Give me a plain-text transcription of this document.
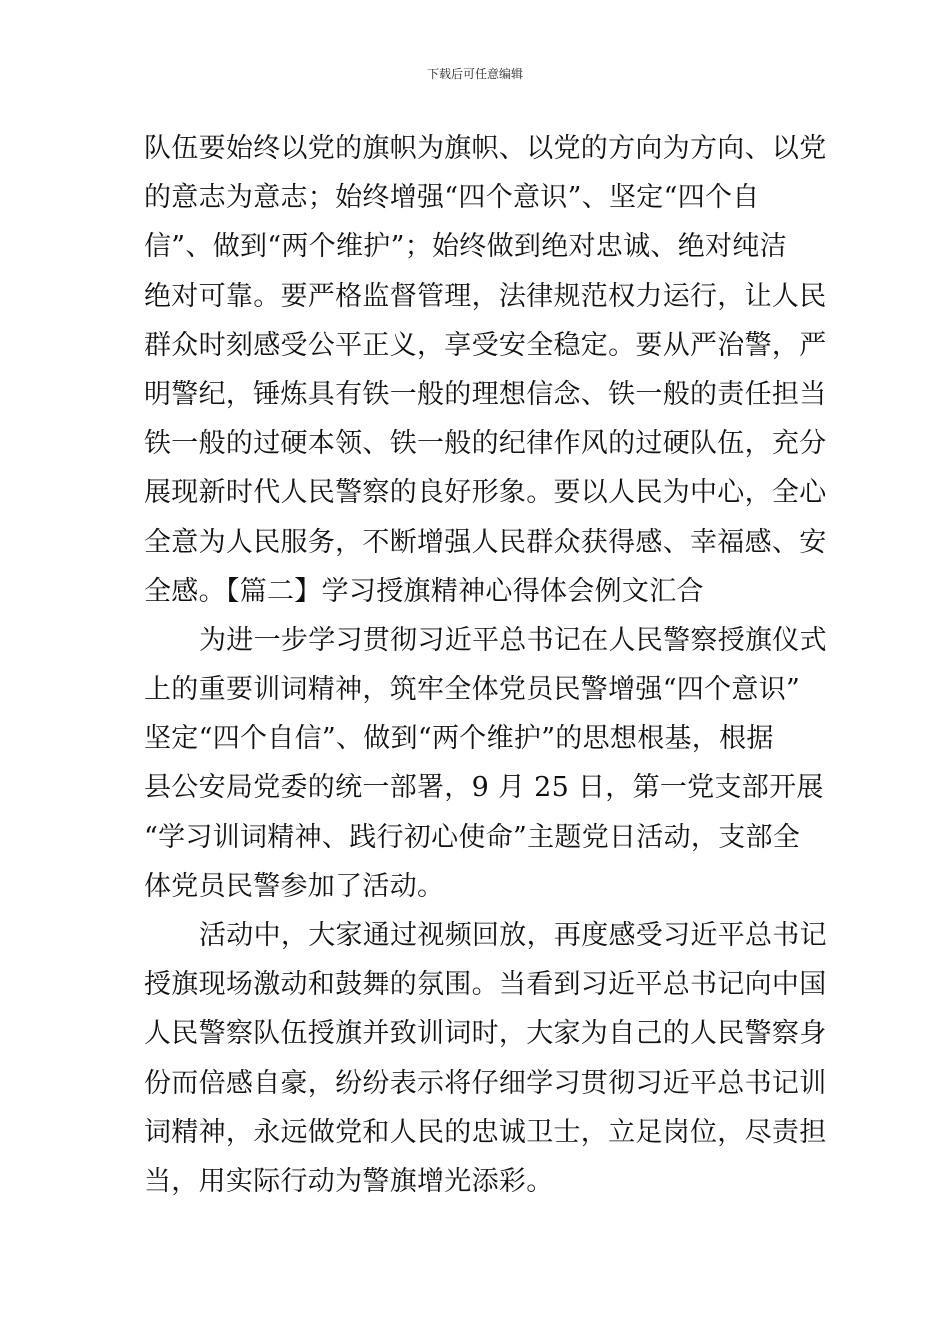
下载后可任意编辑
队伍要始终以党的旗帜为旗帜、以党的方向为方向、以党
的意志为意志；始终增强“四个意识”、坚定“四个自
信”、做到“两个维护”；始终做到绝对忠诚、绝对纯洁
绝对可靠。要严格监督管理，法律规范权力运行，让人民
群众时刻感受公平正义，享受安全稳定。要从严治警，严
明警纪，锤炼具有铁一般的理想信念、铁一般的责任担当
铁一般的过硬本领、铁一般的纪律作风的过硬队伍，充分
展现新时代人民警察的良好形象。要以人民为中心，全心
全意为人民服务，不断增强人民群众获得感、幸福感、安
全感。【篇二】学习授旗精神心得体会例文汇合
为进一步学习贯彻习近平总书记在人民警察授旗仪式
上的重要训词精神，筑牢全体党员民警增强“四个意识”
坚定“四个自信”、做到“两个维护”的思想根基，根据
县公安局党委的统一部署，9 月 25 日，第一党支部开展
“学习训词精神、践行初心使命”主题党日活动，支部全
体党员民警参加了活动。
活动中，大家通过视频回放，再度感受习近平总书记
授旗现场激动和鼓舞的氛围。当看到习近平总书记向中国
人民警察队伍授旗并致训词时，大家为自己的人民警察身
份而倍感自豪，纷纷表示将仔细学习贯彻习近平总书记训
词精神，永远做党和人民的忠诚卫士，立足岗位，尽责担
当，用实际行动为警旗增光添彩。
